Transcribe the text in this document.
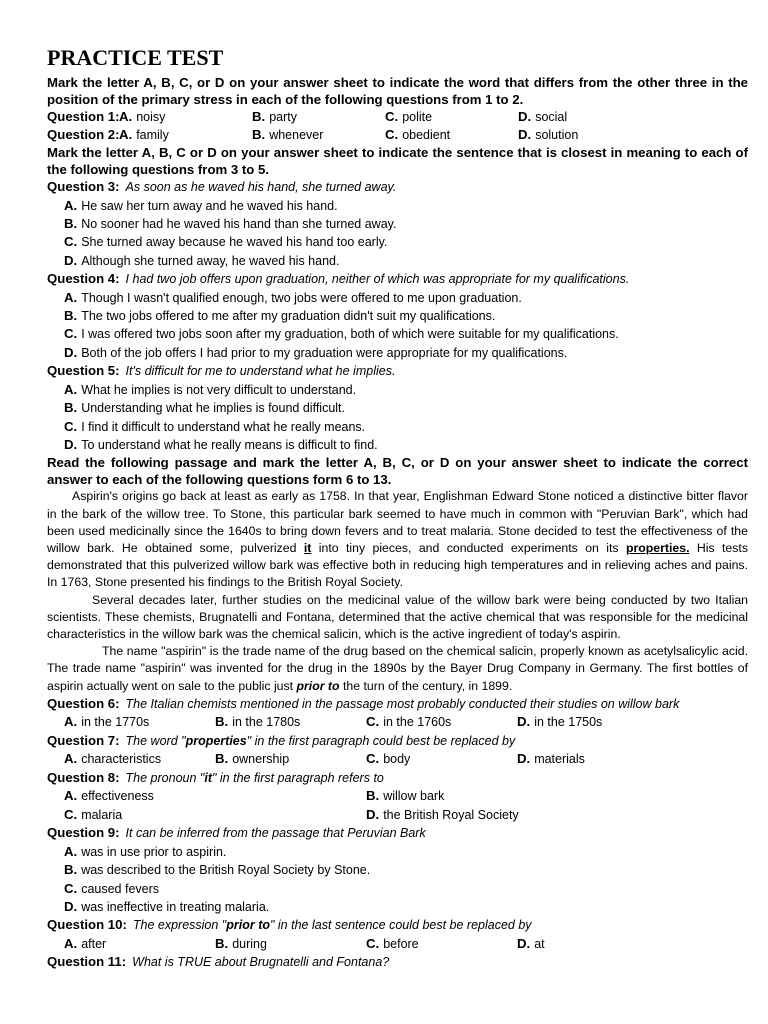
PRACTICE TEST

Mark the letter A, B, C, or D on your answer sheet to indicate the word that differs from the other three in the position of the primary stress in each of the following questions from 1 to 2.

Question 1: A. noisy	B. party	C. polite	D. social
Question 2: A. family	B. whenever	C. obedient	D. solution

Mark the letter A, B, C or D on your answer sheet to indicate the sentence that is closest in meaning to each of the following questions from 3 to 5.

Question 3: As soon as he waved his hand, she turned away.
A. He saw her turn away and he waved his hand.
B. No sooner had he waved his hand than she turned away.
C. She turned away because he waved his hand too early.
D. Although she turned away, he waved his hand.
Question 4: I had two job offers upon graduation, neither of which was appropriate for my qualifications.
A. Though I wasn't qualified enough, two jobs were offered to me upon graduation.
B. The two jobs offered to me after my graduation didn't suit my qualifications.
C. I was offered two jobs soon after my graduation, both of which were suitable for my qualifications.
D. Both of the job offers I had prior to my graduation were appropriate for my qualifications.
Question 5: It's difficult for me to understand what he implies.
A. What he implies is not very difficult to understand.
B. Understanding what he implies is found difficult.
C. I find it difficult to understand what he really means.
D. To understand what he really means is difficult to find.

Read the following passage and mark the letter A, B, C, or D on your answer sheet to indicate the correct answer to each of the following questions form 6 to 13.

Aspirin's origins go back at least as early as 1758. In that year, Englishman Edward Stone noticed a distinctive bitter flavor in the bark of the willow tree. To Stone, this particular bark seemed to have much in common with "Peruvian Bark", which had been used medicinally since the 1640s to bring down fevers and to treat malaria. Stone decided to test the effectiveness of the willow bark. He obtained some, pulverized it into tiny pieces, and conducted experiments on its properties. His tests demonstrated that this pulverized willow bark was effective both in reducing high temperatures and in relieving aches and pains. In 1763, Stone presented his findings to the British Royal Society.

Several decades later, further studies on the medicinal value of the willow bark were being conducted by two Italian scientists. These chemists, Brugnatelli and Fontana, determined that the active chemical that was responsible for the medicinal characteristics in the willow bark was the chemical salicin, which is the active ingredient of today's aspirin.

The name "aspirin" is the trade name of the drug based on the chemical salicin, properly known as acetylsalicylic acid. The trade name "aspirin" was invented for the drug in the 1890s by the Bayer Drug Company in Germany. The first bottles of aspirin actually went on sale to the public just prior to the turn of the century, in 1899.

Question 6: The Italian chemists mentioned in the passage most probably conducted their studies on willow bark
A. in the 1770s	B. in the 1780s	C. in the 1760s	D. in the 1750s
Question 7: The word "properties" in the first paragraph could best be replaced by
A. characteristics	B. ownership	C. body	D. materials
Question 8: The pronoun "it" in the first paragraph refers to
A. effectiveness	B. willow bark
C. malaria	D. the British Royal Society
Question 9: It can be inferred from the passage that Peruvian Bark
A. was in use prior to aspirin.
B. was described to the British Royal Society by Stone.
C. caused fevers
D. was ineffective in treating malaria.
Question 10: The expression "prior to" in the last sentence could best be replaced by
A. after	B. during	C. before	D. at
Question 11: What is TRUE about Brugnatelli and Fontana?
